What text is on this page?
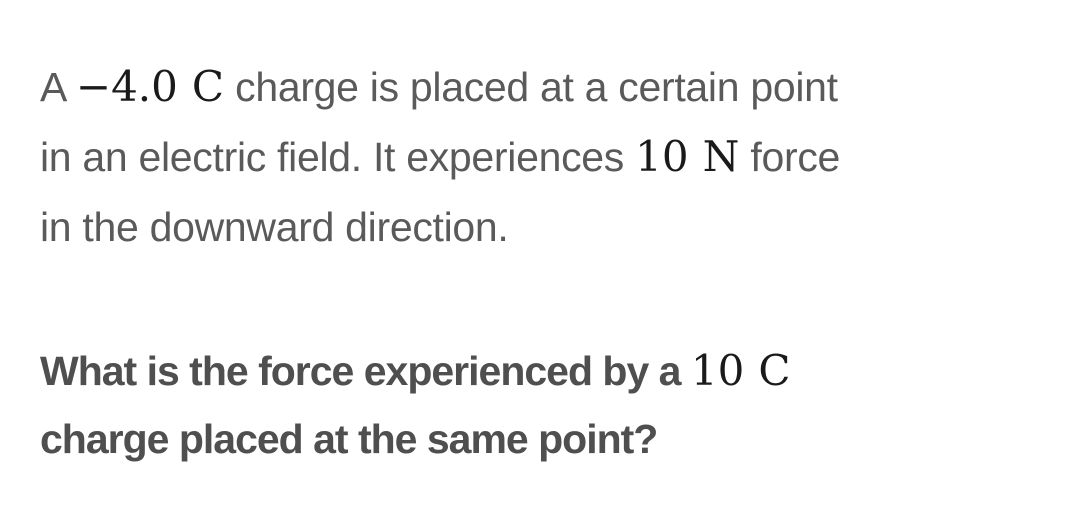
A −4.0 C charge is placed at a certain point
in an electric field. It experiences 10 N force
in the downward direction.

What is the force experienced by a 10 C
charge placed at the same point?
